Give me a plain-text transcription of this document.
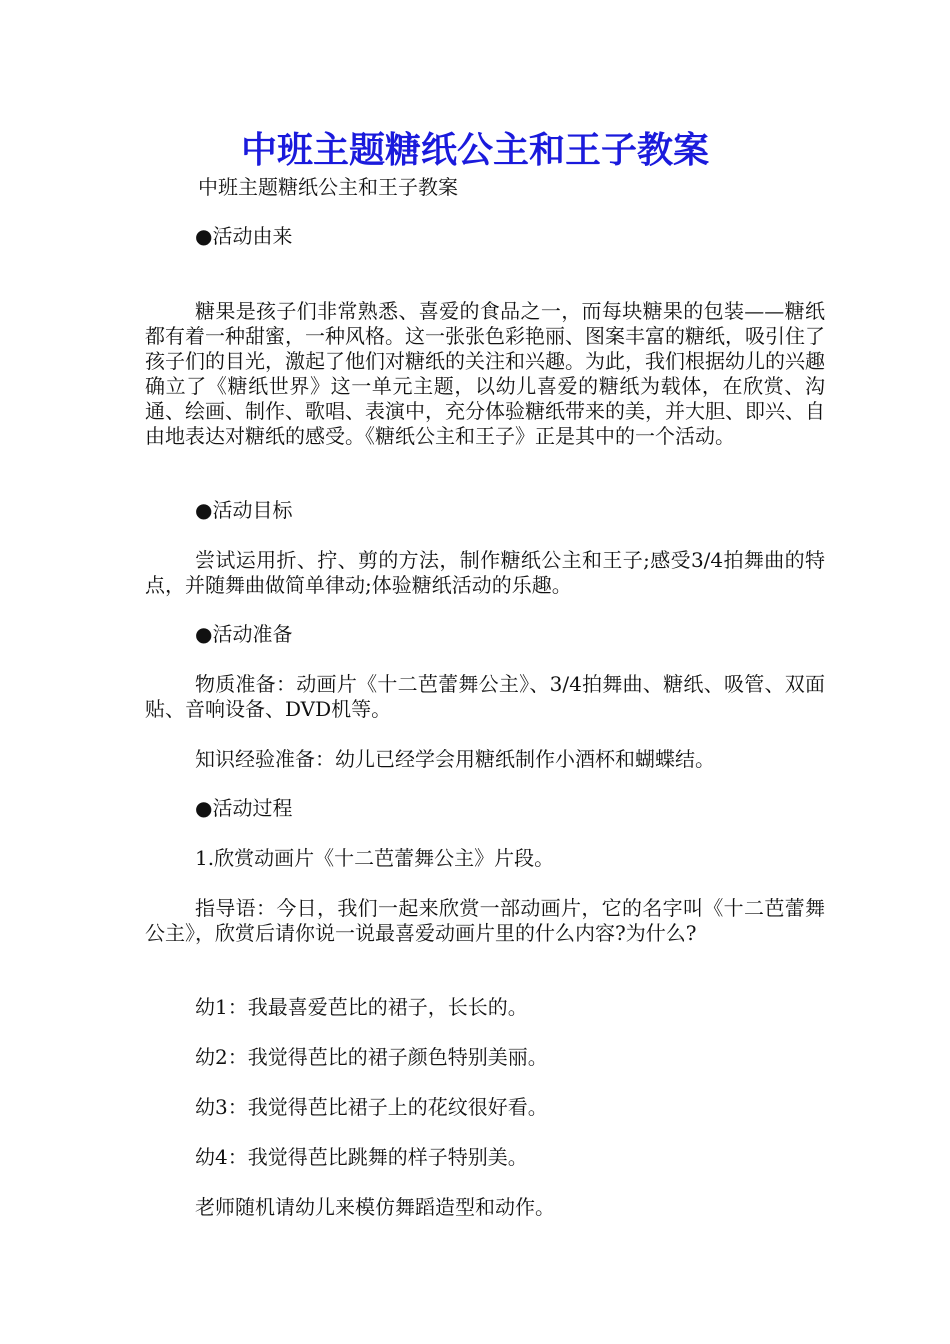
中班主题糖纸公主和王子教案

中班主题糖纸公主和王子教案

●活动由来

糖果是孩子们非常熟悉、喜爱的食品之一，而每块糖果的包装——糖纸都有着一种甜蜜，一种风格。这一张张色彩艳丽、图案丰富的糖纸，吸引住了孩子们的目光，激起了他们对糖纸的关注和兴趣。为此，我们根据幼儿的兴趣确立了《糖纸世界》这一单元主题，以幼儿喜爱的糖纸为载体，在欣赏、沟通、绘画、制作、歌唱、表演中，充分体验糖纸带来的美，并大胆、即兴、自由地表达对糖纸的感受。《糖纸公主和王子》正是其中的一个活动。

●活动目标

尝试运用折、拧、剪的方法，制作糖纸公主和王子;感受3/4拍舞曲的特点，并随舞曲做简单律动;体验糖纸活动的乐趣。

●活动准备

物质准备：动画片《十二芭蕾舞公主》、3/4拍舞曲、糖纸、吸管、双面贴、音响设备、DVD机等。

知识经验准备：幼儿已经学会用糖纸制作小酒杯和蝴蝶结。

●活动过程

1.欣赏动画片《十二芭蕾舞公主》片段。

指导语：今日，我们一起来欣赏一部动画片，它的名字叫《十二芭蕾舞公主》，欣赏后请你说一说最喜爱动画片里的什么内容?为什么?

幼1：我最喜爱芭比的裙子，长长的。

幼2：我觉得芭比的裙子颜色特别美丽。

幼3：我觉得芭比裙子上的花纹很好看。

幼4：我觉得芭比跳舞的样子特别美。

老师随机请幼儿来模仿舞蹈造型和动作。
